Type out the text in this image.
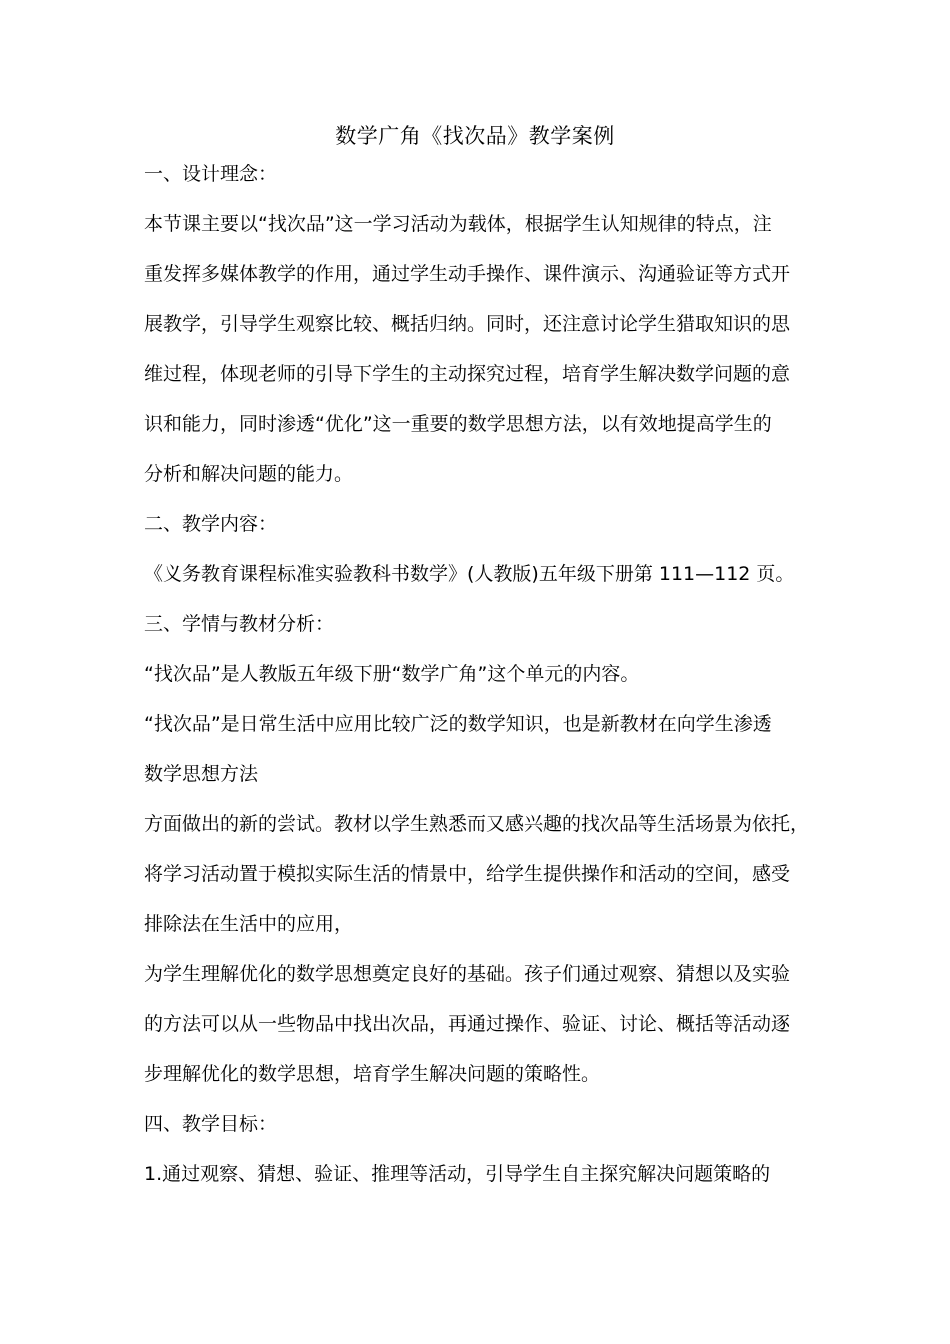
数学广角《找次品》教学案例
一、设计理念：
本节课主要以“找次品”这一学习活动为载体，根据学生认知规律的特点，注
重发挥多媒体教学的作用，通过学生动手操作、课件演示、沟通验证等方式开
展教学，引导学生观察比较、概括归纳。同时，还注意讨论学生猎取知识的思
维过程，体现老师的引导下学生的主动探究过程，培育学生解决数学问题的意
识和能力，同时渗透“优化”这一重要的数学思想方法，以有效地提高学生的
分析和解决问题的能力。
二、教学内容：
《义务教育课程标准实验教科书数学》(人教版)五年级下册第 111—112 页。
三、学情与教材分析：
“找次品”是人教版五年级下册“数学广角”这个单元的内容。
“找次品”是日常生活中应用比较广泛的数学知识，也是新教材在向学生渗透
数学思想方法
方面做出的新的尝试。教材以学生熟悉而又感兴趣的找次品等生活场景为依托，
将学习活动置于模拟实际生活的情景中，给学生提供操作和活动的空间，感受
排除法在生活中的应用，
为学生理解优化的数学思想奠定良好的基础。孩子们通过观察、猜想以及实验
的方法可以从一些物品中找出次品，再通过操作、验证、讨论、概括等活动逐
步理解优化的数学思想，培育学生解决问题的策略性。
四、教学目标：
1.通过观察、猜想、验证、推理等活动，引导学生自主探究解决问题策略的
